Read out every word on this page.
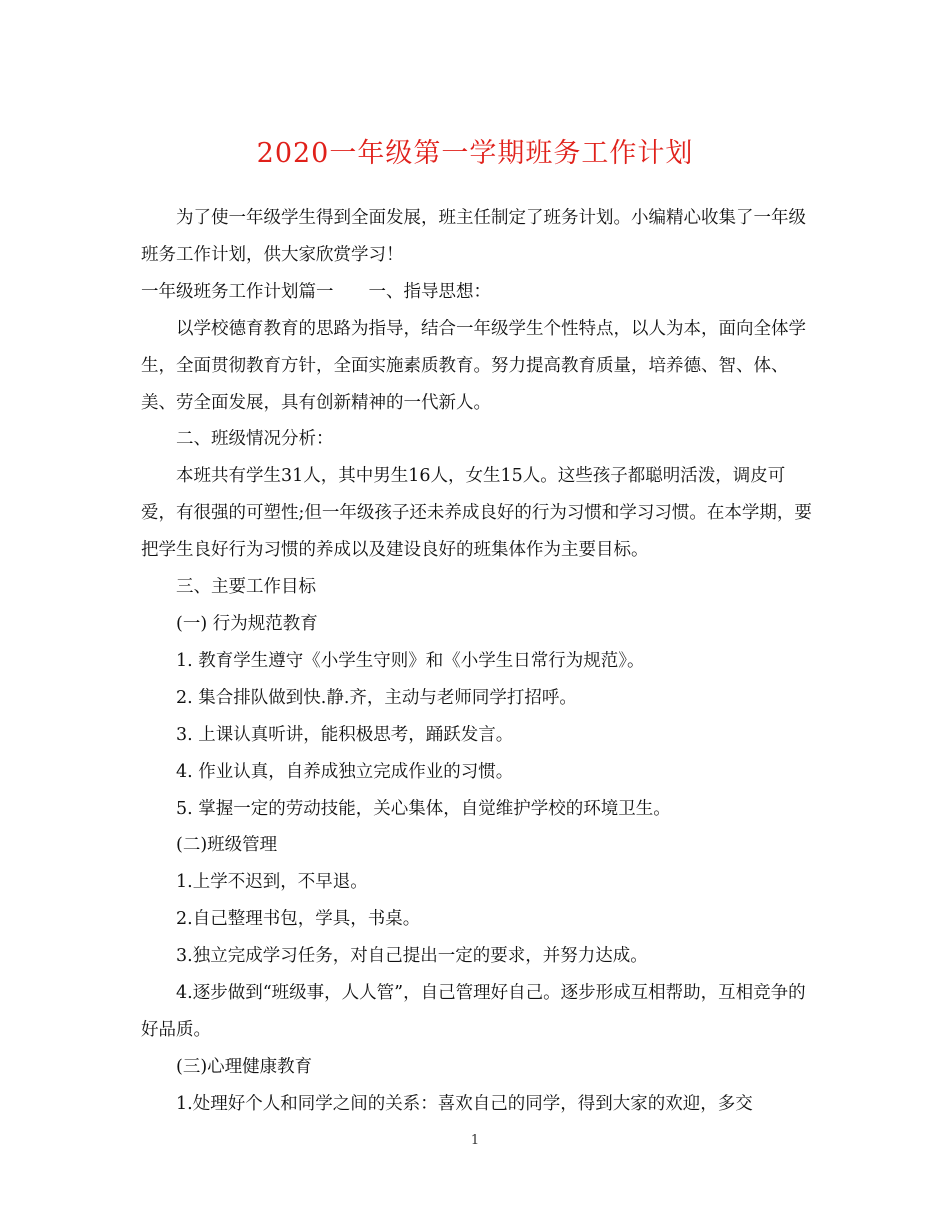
2020一年级第一学期班务工作计划

为了使一年级学生得到全面发展，班主任制定了班务计划。小编精心收集了一年级班务工作计划，供大家欣赏学习！

一年级班务工作计划篇一　　一、指导思想：

以学校德育教育的思路为指导，结合一年级学生个性特点，以人为本，面向全体学生，全面贯彻教育方针，全面实施素质教育。努力提高教育质量，培养德、智、体、美、劳全面发展，具有创新精神的一代新人。

二、班级情况分析：

本班共有学生31人，其中男生16人，女生15人。这些孩子都聪明活泼，调皮可爱，有很强的可塑性;但一年级孩子还未养成良好的行为习惯和学习习惯。在本学期，要把学生良好行为习惯的养成以及建设良好的班集体作为主要目标。

三、主要工作目标

(一) 行为规范教育

1. 教育学生遵守《小学生守则》和《小学生日常行为规范》。

2. 集合排队做到快.静.齐，主动与老师同学打招呼。

3. 上课认真听讲，能积极思考，踊跃发言。

4. 作业认真，自养成独立完成作业的习惯。

5. 掌握一定的劳动技能，关心集体，自觉维护学校的环境卫生。

(二)班级管理

1.上学不迟到，不早退。

2.自己整理书包，学具，书桌。

3.独立完成学习任务，对自己提出一定的要求，并努力达成。

4.逐步做到“班级事，人人管”，自己管理好自己。逐步形成互相帮助，互相竞争的好品质。

(三)心理健康教育

1.处理好个人和同学之间的关系：喜欢自己的同学，得到大家的欢迎，多交

1
